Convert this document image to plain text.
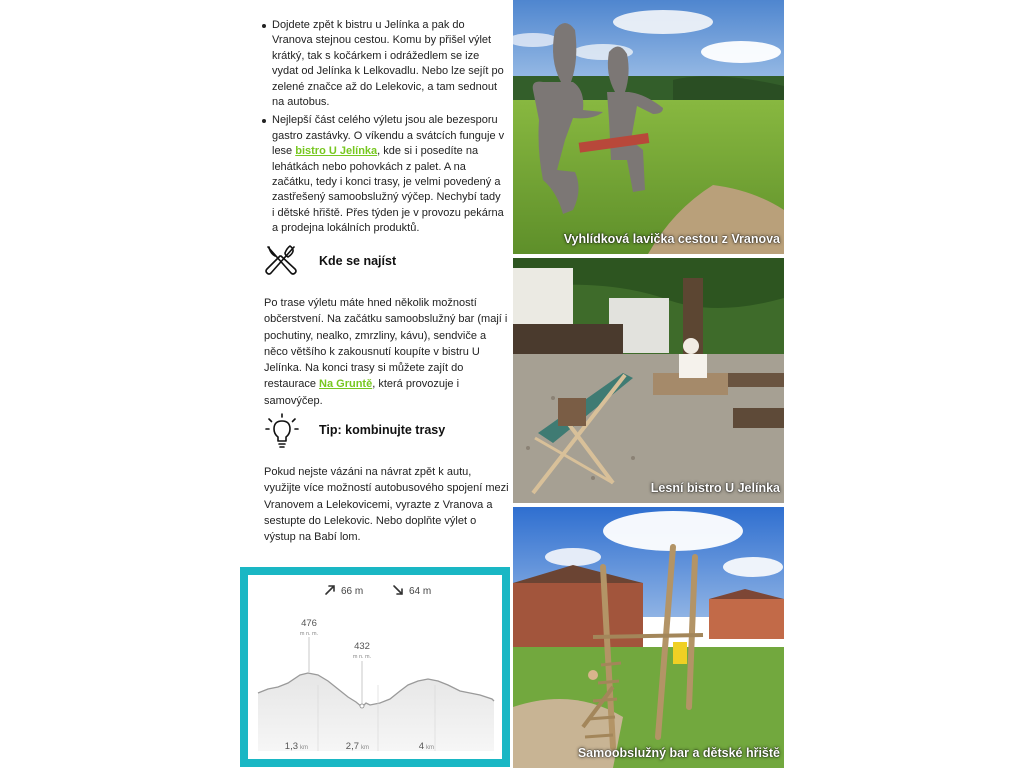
Dojdete zpět k bistru u Jelínka a pak do Vranova stejnou cestou. Komu by přišel výlet krátký, tak s kočárkem i odrážedlem se ize vydat od Jelínka k Lelkovadlu. Nebo lze sejít po zelené značce až do Lelekovic, a tam sednout na autobus.
Nejlepší část celého výletu jsou ale bezesporu gastro zastávky. O víkendu a svátcích funguje v lese bistro U Jelínka, kde si i posedíte na lehátkách nebo pohovkách z palet. A na začátku, tedy i konci trasy, je velmi povedený a zastřešený samoobslužný výčep. Nechybí tady i dětské hřiště. Přes týden je v provozu pekárna a prodejna lokálních produktů.
Kde se najíst

Po trase výletu máte hned několik možností občerstvení. Na začátku samoobslužný bar (mají i pochutiny, nealko, zmrzliny, kávu), sendviče a něco většího k zakousnutí koupíte v bistru U Jelínka. Na konci trasy si můžete zajít do restaurace Na Gruntě, která provozuje i samovýčep.

Tip: kombinujte trasy

Pokud nejste vázáni na návrat zpět k autu, využijte více možností autobusového spojení mezi Vranovem a Lelekovicemi, vyrazte z Vranova a sestupte do Lelekovic. Nebo doplňte výlet o výstup na Babí lom.

66 m	64 m
476
m n. m.
432
m n. m.
1,3 km	2,7 km	4 km
Vyhlídková lavička cestou z Vranova
Lesní bistro U Jelínka
Samoobslužný bar a dětské hřiště
